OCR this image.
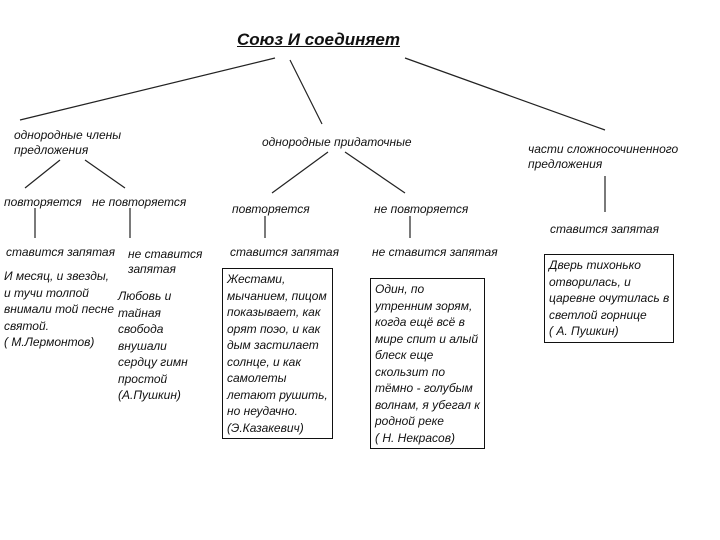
Союз И соединяет
однородные члены
предложения
повторяется не повторяется
ставится запятая не ставится
запятая
И месяц, и звезды,
и тучи толпой
внимали той песне
святой.
( М.Лермонтов)
Любовь и
тайная
свобода
внушали
сердцу гимн
простой
(А.Пушкин)
однородные придаточные
повторяется	не повторяется
ставится запятая	не ставится запятая
Жестами,
мычанием, пицом
показывает, как
орят поэо, и как
дым застилает
солнце, и как
самолеты
летают рушить,
но неудачно.
(Э.Казакевич)
Один, по
утренним зорям,
когда ещё всё в
мире спит и алый
блеск еще
скользит по
тёмно - голубым
волнам, я убегал к
родной реке
( Н. Некрасов)
части сложносочиненного
предложения
ставится запятая
Дверь тихонько
отворилась, и
царевне очутилась в
светлой горнице
( А. Пушкин)
